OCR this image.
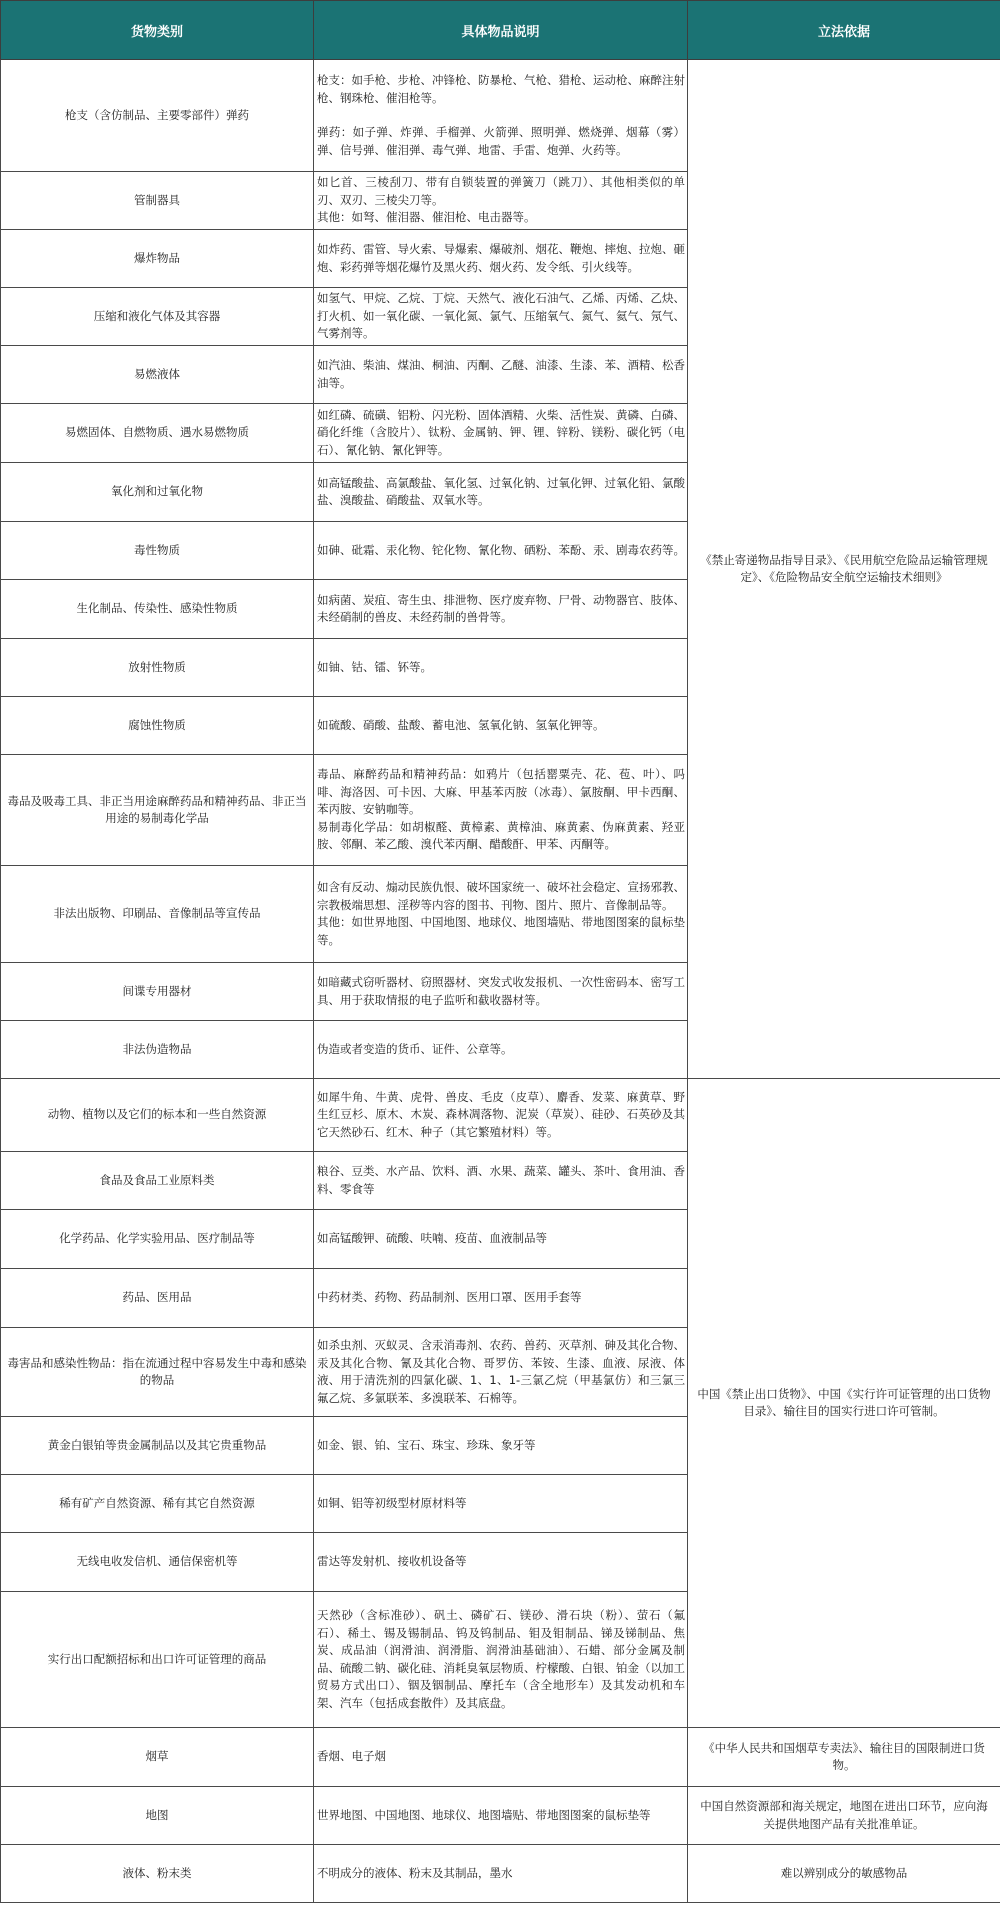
货物类别	具体物品说明	立法依据
枪支（含仿制品、主要零部件）弹药	枪支：如手枪、步枪、冲锋枪、防暴枪、气枪、猎枪、运动枪、麻醉注射枪、钢珠枪、催泪枪等。
弹药：如子弹、炸弹、手榴弹、火箭弹、照明弹、燃烧弹、烟幕（雾）弹、信号弹、催泪弹、毒气弹、地雷、手雷、炮弹、火药等。	《禁止寄递物品指导目录》、《民用航空危险品运输管理规定》、《危险物品安全航空运输技术细则》
管制器具	如匕首、三棱刮刀、带有自锁装置的弹簧刀（跳刀）、其他相类似的单刃、双刃、三棱尖刀等。
其他：如弩、催泪器、催泪枪、电击器等。	

爆炸物品	如炸药、雷管、导火索、导爆索、爆破剂、烟花、鞭炮、摔炮、拉炮、砸炮、彩药弹等烟花爆竹及黑火药、烟火药、发令纸、引火线等。	

压缩和液化气体及其容器	如氢气、甲烷、乙烷、丁烷、天然气、液化石油气、乙烯、丙烯、乙炔、打火机、如一氧化碳、一氧化氮、氯气、压缩氧气、氮气、氦气、氖气、气雾剂等。	

易燃液体	如汽油、柴油、煤油、桐油、丙酮、乙醚、油漆、生漆、苯、酒精、松香油等。	

易燃固体、自燃物质、遇水易燃物质	如红磷、硫磺、铝粉、闪光粉、固体酒精、火柴、活性炭、黄磷、白磷、硝化纤维（含胶片）、钛粉、金属钠、钾、锂、锌粉、镁粉、碳化钙（电石）、氰化钠、氰化钾等。	

氧化剂和过氧化物	如高锰酸盐、高氯酸盐、氧化氢、过氧化钠、过氧化钾、过氧化铅、氯酸盐、溴酸盐、硝酸盐、双氧水等。	

毒性物质	如砷、砒霜、汞化物、铊化物、氰化物、硒粉、苯酚、汞、剧毒农药等。	

生化制品、传染性、感染性物质	如病菌、炭疽、寄生虫、排泄物、医疗废弃物、尸骨、动物器官、肢体、未经硝制的兽皮、未经药制的兽骨等。	

放射性物质	如铀、钴、镭、钚等。	

腐蚀性物质	如硫酸、硝酸、盐酸、蓄电池、氢氧化钠、氢氧化钾等。	

毒品及吸毒工具、非正当用途麻醉药品和精神药品、非正当用途的易制毒化学品	毒品、麻醉药品和精神药品：如鸦片（包括罂粟壳、花、苞、叶）、吗啡、海洛因、可卡因、大麻、甲基苯丙胺（冰毒）、氯胺酮、甲卡西酮、苯丙胺、安钠咖等。
易制毒化学品：如胡椒醛、黄樟素、黄樟油、麻黄素、伪麻黄素、羟亚胺、邻酮、苯乙酸、溴代苯丙酮、醋酸酐、甲苯、丙酮等。	

非法出版物、印刷品、音像制品等宣传品	如含有反动、煽动民族仇恨、破坏国家统一、破坏社会稳定、宣扬邪教、宗教极端思想、淫秽等内容的图书、刊物、图片、照片、音像制品等。
其他：如世界地图、中国地图、地球仪、地图墙贴、带地图图案的鼠标垫等。	

间谍专用器材	如暗藏式窃听器材、窃照器材、突发式收发报机、一次性密码本、密写工具、用于获取情报的电子监听和截收器材等。	

非法伪造物品	伪造或者变造的货币、证件、公章等。	

动物、植物以及它们的标本和一些自然资源	如犀牛角、牛黄、虎骨、兽皮、毛皮（皮草）、麝香、发菜、麻黄草、野生红豆杉、原木、木炭、森林凋落物、泥炭（草炭）、硅砂、石英砂及其它天然砂石、红木、种子（其它繁殖材料）等。	中国《禁止出口货物》、中国《实行许可证管理的出口货物目录》、输往目的国实行进口许可管制。
食品及食品工业原料类	粮谷、豆类、水产品、饮料、酒、水果、蔬菜、罐头、茶叶、食用油、香料、零食等	

化学药品、化学实验用品、医疗制品等	如高锰酸钾、硫酸、呋喃、疫苗、血液制品等	

药品、医用品	中药材类、药物、药品制剂、医用口罩、医用手套等	

毒害品和感染性物品：指在流通过程中容易发生中毒和感染的物品	如杀虫剂、灭蚁灵、含汞消毒剂、农药、兽药、灭草剂、砷及其化合物、汞及其化合物、氰及其化合物、哥罗仿、苯铵、生漆、血液、尿液、体液、用于清洗剂的四氯化碳、1、1、1-三氯乙烷（甲基氯仿）和三氯三氟乙烷、多氯联苯、多溴联苯、石棉等。	

黄金白银铂等贵金属制品以及其它贵重物品	如金、银、铂、宝石、珠宝、珍珠、象牙等	

稀有矿产自然资源、稀有其它自然资源	如铜、铝等初级型材原材料等	

无线电收发信机、通信保密机等	雷达等发射机、接收机设备等	

实行出口配额招标和出口许可证管理的商品	天然砂（含标准砂）、矾土、磷矿石、镁砂、滑石块（粉）、萤石（氟石）、稀土、锡及锡制品、钨及钨制品、钼及钼制品、锑及锑制品、焦炭、成品油（润滑油、润滑脂、润滑油基础油）、石蜡、部分金属及制品、硫酸二钠、碳化硅、消耗臭氧层物质、柠檬酸、白银、铂金（以加工贸易方式出口）、铟及铟制品、摩托车（含全地形车）及其发动机和车架、汽车（包括成套散件）及其底盘。	

烟草	香烟、电子烟	《中华人民共和国烟草专卖法》、输往目的国限制进口货物。
地图	世界地图、中国地图、地球仪、地图墙贴、带地图图案的鼠标垫等	中国自然资源部和海关规定，地图在进出口环节，应向海关提供地图产品有关批准单证。
液体、粉末类	不明成分的液体、粉末及其制品，墨水	难以辨别成分的敏感物品
